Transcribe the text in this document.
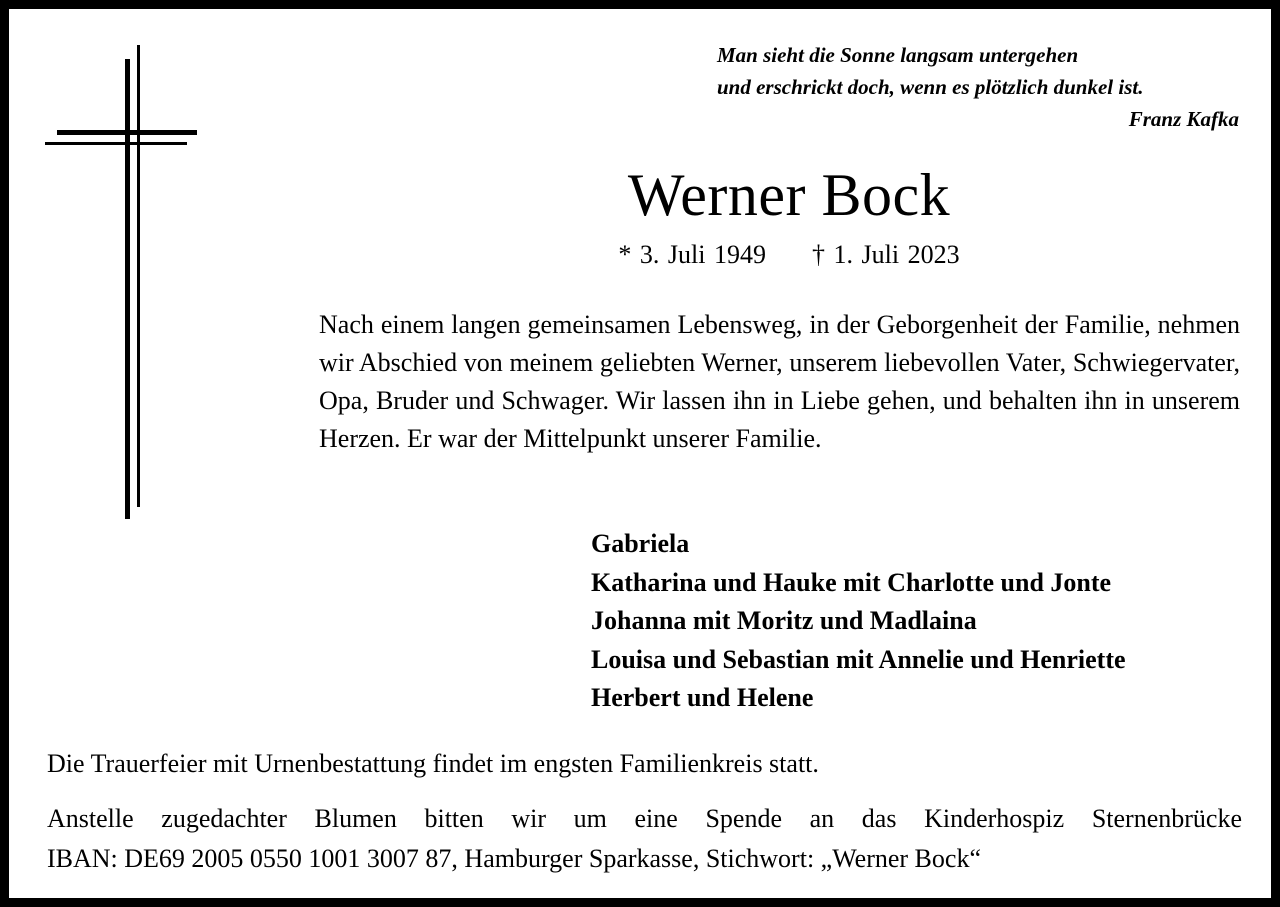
Man sieht die Sonne langsam untergehen
und erschrickt doch, wenn es plötzlich dunkel ist.
Franz Kafka
Werner Bock
* 3. Juli 1949 † 1. Juli 2023

Nach einem langen gemeinsamen Lebensweg, in der Geborgenheit der Familie, nehmen wir Abschied von meinem geliebten Werner, unserem liebevollen Vater, Schwiegervater, Opa, Bruder und Schwager. Wir lassen ihn in Liebe gehen, und behalten ihn in unserem Herzen. Er war der Mittelpunkt unserer Familie.

Gabriela
Katharina und Hauke mit Charlotte und Jonte
Johanna mit Moritz und Madlaina
Louisa und Sebastian mit Annelie und Henriette
Herbert und Helene

Die Trauerfeier mit Urnenbestattung findet im engsten Familienkreis statt.

Anstelle zugedachter Blumen bitten wir um eine Spende an das Kinderhospiz Sternenbrücke
IBAN: DE69 2005 0550 1001 3007 87, Hamburger Sparkasse, Stichwort: „Werner Bock“
